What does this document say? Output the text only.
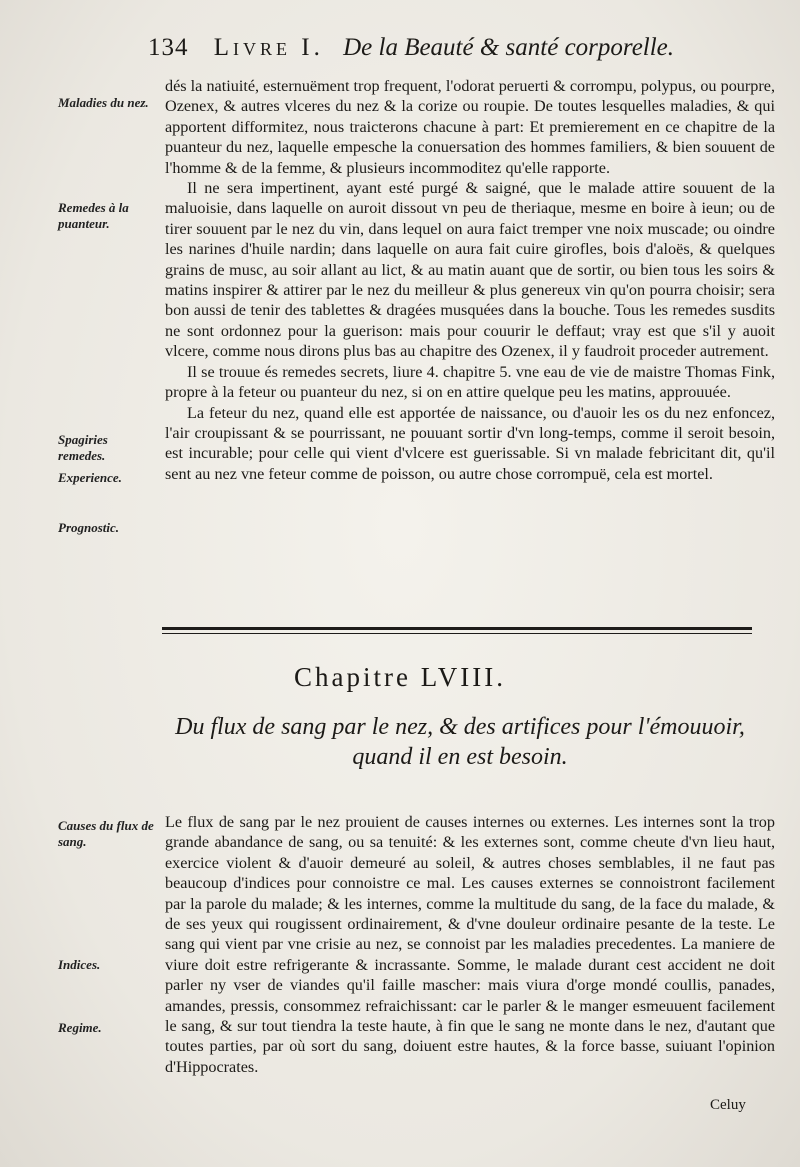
134 Livre I. De la Beauté & santé corporelle.
Maladies du nez.
Remedes à la puanteur.
Spagiries remedes.
Experience.
Prognostic.
Causes du flux de sang.
Indices.
Regime.

dés la natiuité, esternuëment trop frequent, l'odorat peruerti & corrompu, polypus, ou pourpre, Ozenex, & autres vlceres du nez & la corize ou roupie. De toutes lesquelles maladies, & qui apportent difformitez, nous traicterons chacune à part: Et premierement en ce chapitre de la puanteur du nez, laquelle empesche la conuersation des hommes familiers, & bien souuent de l'homme & de la femme, & plusieurs incommoditez qu'elle rapporte.

Il ne sera impertinent, ayant esté purgé & saigné, que le malade attire souuent de la maluoisie, dans laquelle on auroit dissout vn peu de theriaque, mesme en boire à ieun; ou de tirer souuent par le nez du vin, dans lequel on aura faict tremper vne noix muscade; ou oindre les narines d'huile nardin; dans laquelle on aura fait cuire girofles, bois d'aloës, & quelques grains de musc, au soir allant au lict, & au matin auant que de sortir, ou bien tous les soirs & matins inspirer & attirer par le nez du meilleur & plus genereux vin qu'on pourra choisir; sera bon aussi de tenir des tablettes & dragées musquées dans la bouche. Tous les remedes susdits ne sont ordonnez pour la guerison: mais pour couurir le deffaut; vray est que s'il y auoit vlcere, comme nous dirons plus bas au chapitre des Ozenex, il y faudroit proceder autrement.

Il se trouue és remedes secrets, liure 4. chapitre 5. vne eau de vie de maistre Thomas Fink, propre à la feteur ou puanteur du nez, si on en attire quelque peu les matins, approuuée.

La feteur du nez, quand elle est apportée de naissance, ou d'auoir les os du nez enfoncez, l'air croupissant & se pourrissant, ne pouuant sortir d'vn long-temps, comme il seroit besoin, est incurable; pour celle qui vient d'vlcere est guerissable. Si vn malade febricitant dit, qu'il sent au nez vne feteur comme de poisson, ou autre chose corrompuë, cela est mortel.

Chapitre LVIII.
Du flux de sang par le nez, & des artifices pour l'émouuoir, quand il en est besoin.

Le flux de sang par le nez prouient de causes internes ou externes. Les internes sont la trop grande abandance de sang, ou sa tenuité: & les externes sont, comme cheute d'vn lieu haut, exercice violent & d'auoir demeuré au soleil, & autres choses semblables, il ne faut pas beaucoup d'indices pour connoistre ce mal. Les causes externes se connoistront facilement par la parole du malade; & les internes, comme la multitude du sang, de la face du malade, & de ses yeux qui rougissent ordinairement, & d'vne douleur ordinaire pesante de la teste. Le sang qui vient par vne crisie au nez, se connoist par les maladies precedentes. La maniere de viure doit estre refrigerante & incrassante. Somme, le malade durant cest accident ne doit parler ny vser de viandes qu'il faille mascher: mais viura d'orge mondé coullis, panades, amandes, pressis, consommez refraichissant: car le parler & le manger esmeuuent facilement le sang, & sur tout tiendra la teste haute, à fin que le sang ne monte dans le nez, d'autant que toutes parties, par où sort du sang, doiuent estre hautes, & la force basse, suiuant l'opinion d'Hippocrates.

Celuy
